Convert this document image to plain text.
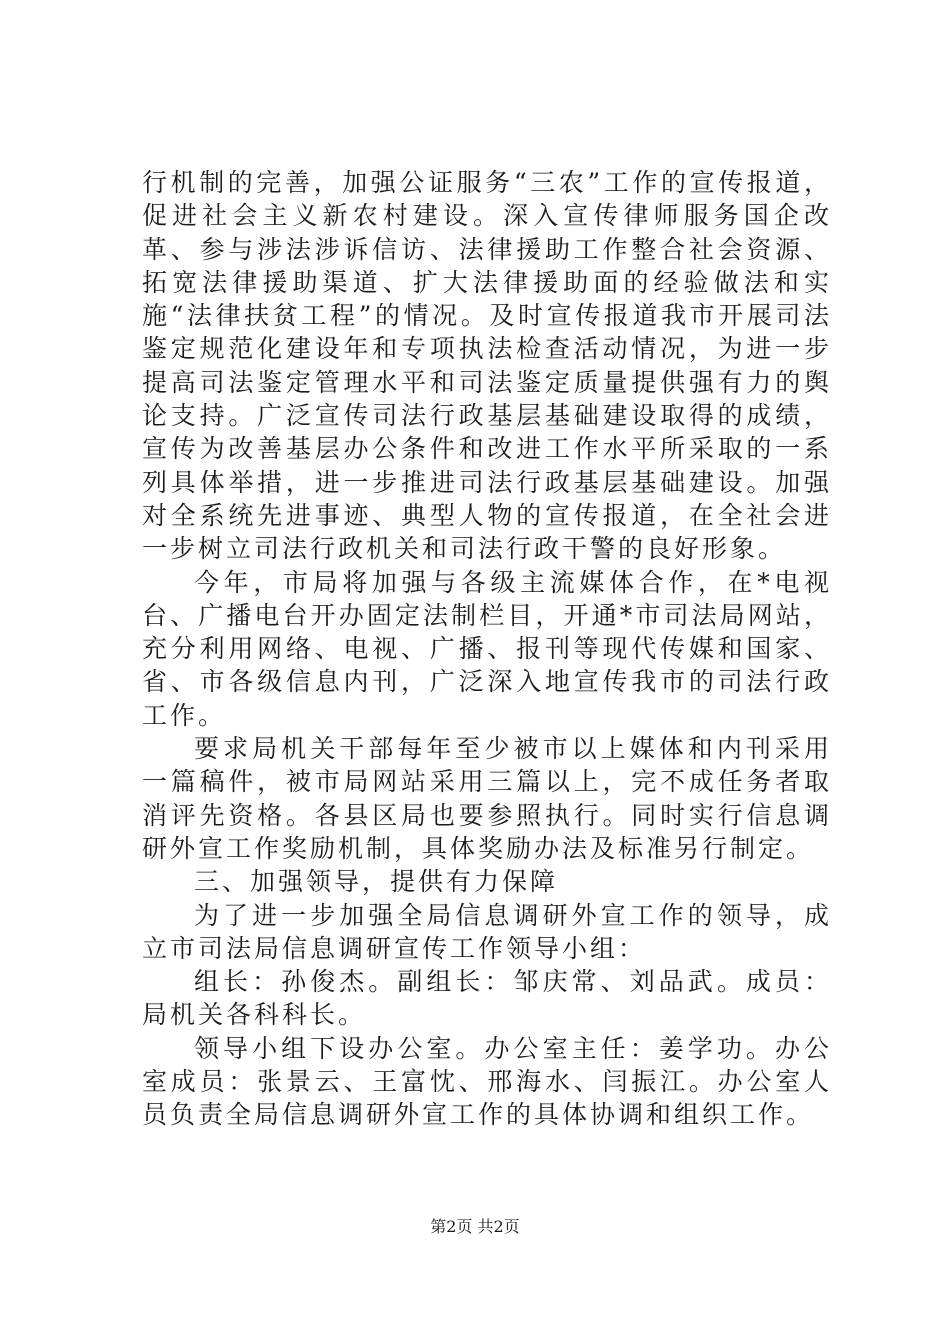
行机制的完善，加强公证服务“三农”工作的宣传报道，促进社会主义新农村建设。深入宣传律师服务国企改革、参与涉法涉诉信访、法律援助工作整合社会资源、拓宽法律援助渠道、扩大法律援助面的经验做法和实施“法律扶贫工程”的情况。及时宣传报道我市开展司法鉴定规范化建设年和专项执法检查活动情况，为进一步提高司法鉴定管理水平和司法鉴定质量提供强有力的舆论支持。广泛宣传司法行政基层基础建设取得的成绩，宣传为改善基层办公条件和改进工作水平所采取的一系列具体举措，进一步推进司法行政基层基础建设。加强对全系统先进事迹、典型人物的宣传报道，在全社会进一步树立司法行政机关和司法行政干警的良好形象。

今年，市局将加强与各级主流媒体合作，在*电视台、广播电台开办固定法制栏目，开通*市司法局网站，充分利用网络、电视、广播、报刊等现代传媒和国家、省、市各级信息内刊，广泛深入地宣传我市的司法行政工作。

要求局机关干部每年至少被市以上媒体和内刊采用一篇稿件，被市局网站采用三篇以上，完不成任务者取消评先资格。各县区局也要参照执行。同时实行信息调研外宣工作奖励机制，具体奖励办法及标准另行制定。

三、加强领导，提供有力保障

为了进一步加强全局信息调研外宣工作的领导，成立市司法局信息调研宣传工作领导小组：

组长：孙俊杰。副组长：邹庆常、刘品武。成员：局机关各科科长。

领导小组下设办公室。办公室主任：姜学功。办公室成员：张景云、王富忱、邢海水、闫振江。办公室人员负责全局信息调研外宣工作的具体协调和组织工作。

第2页 共2页
